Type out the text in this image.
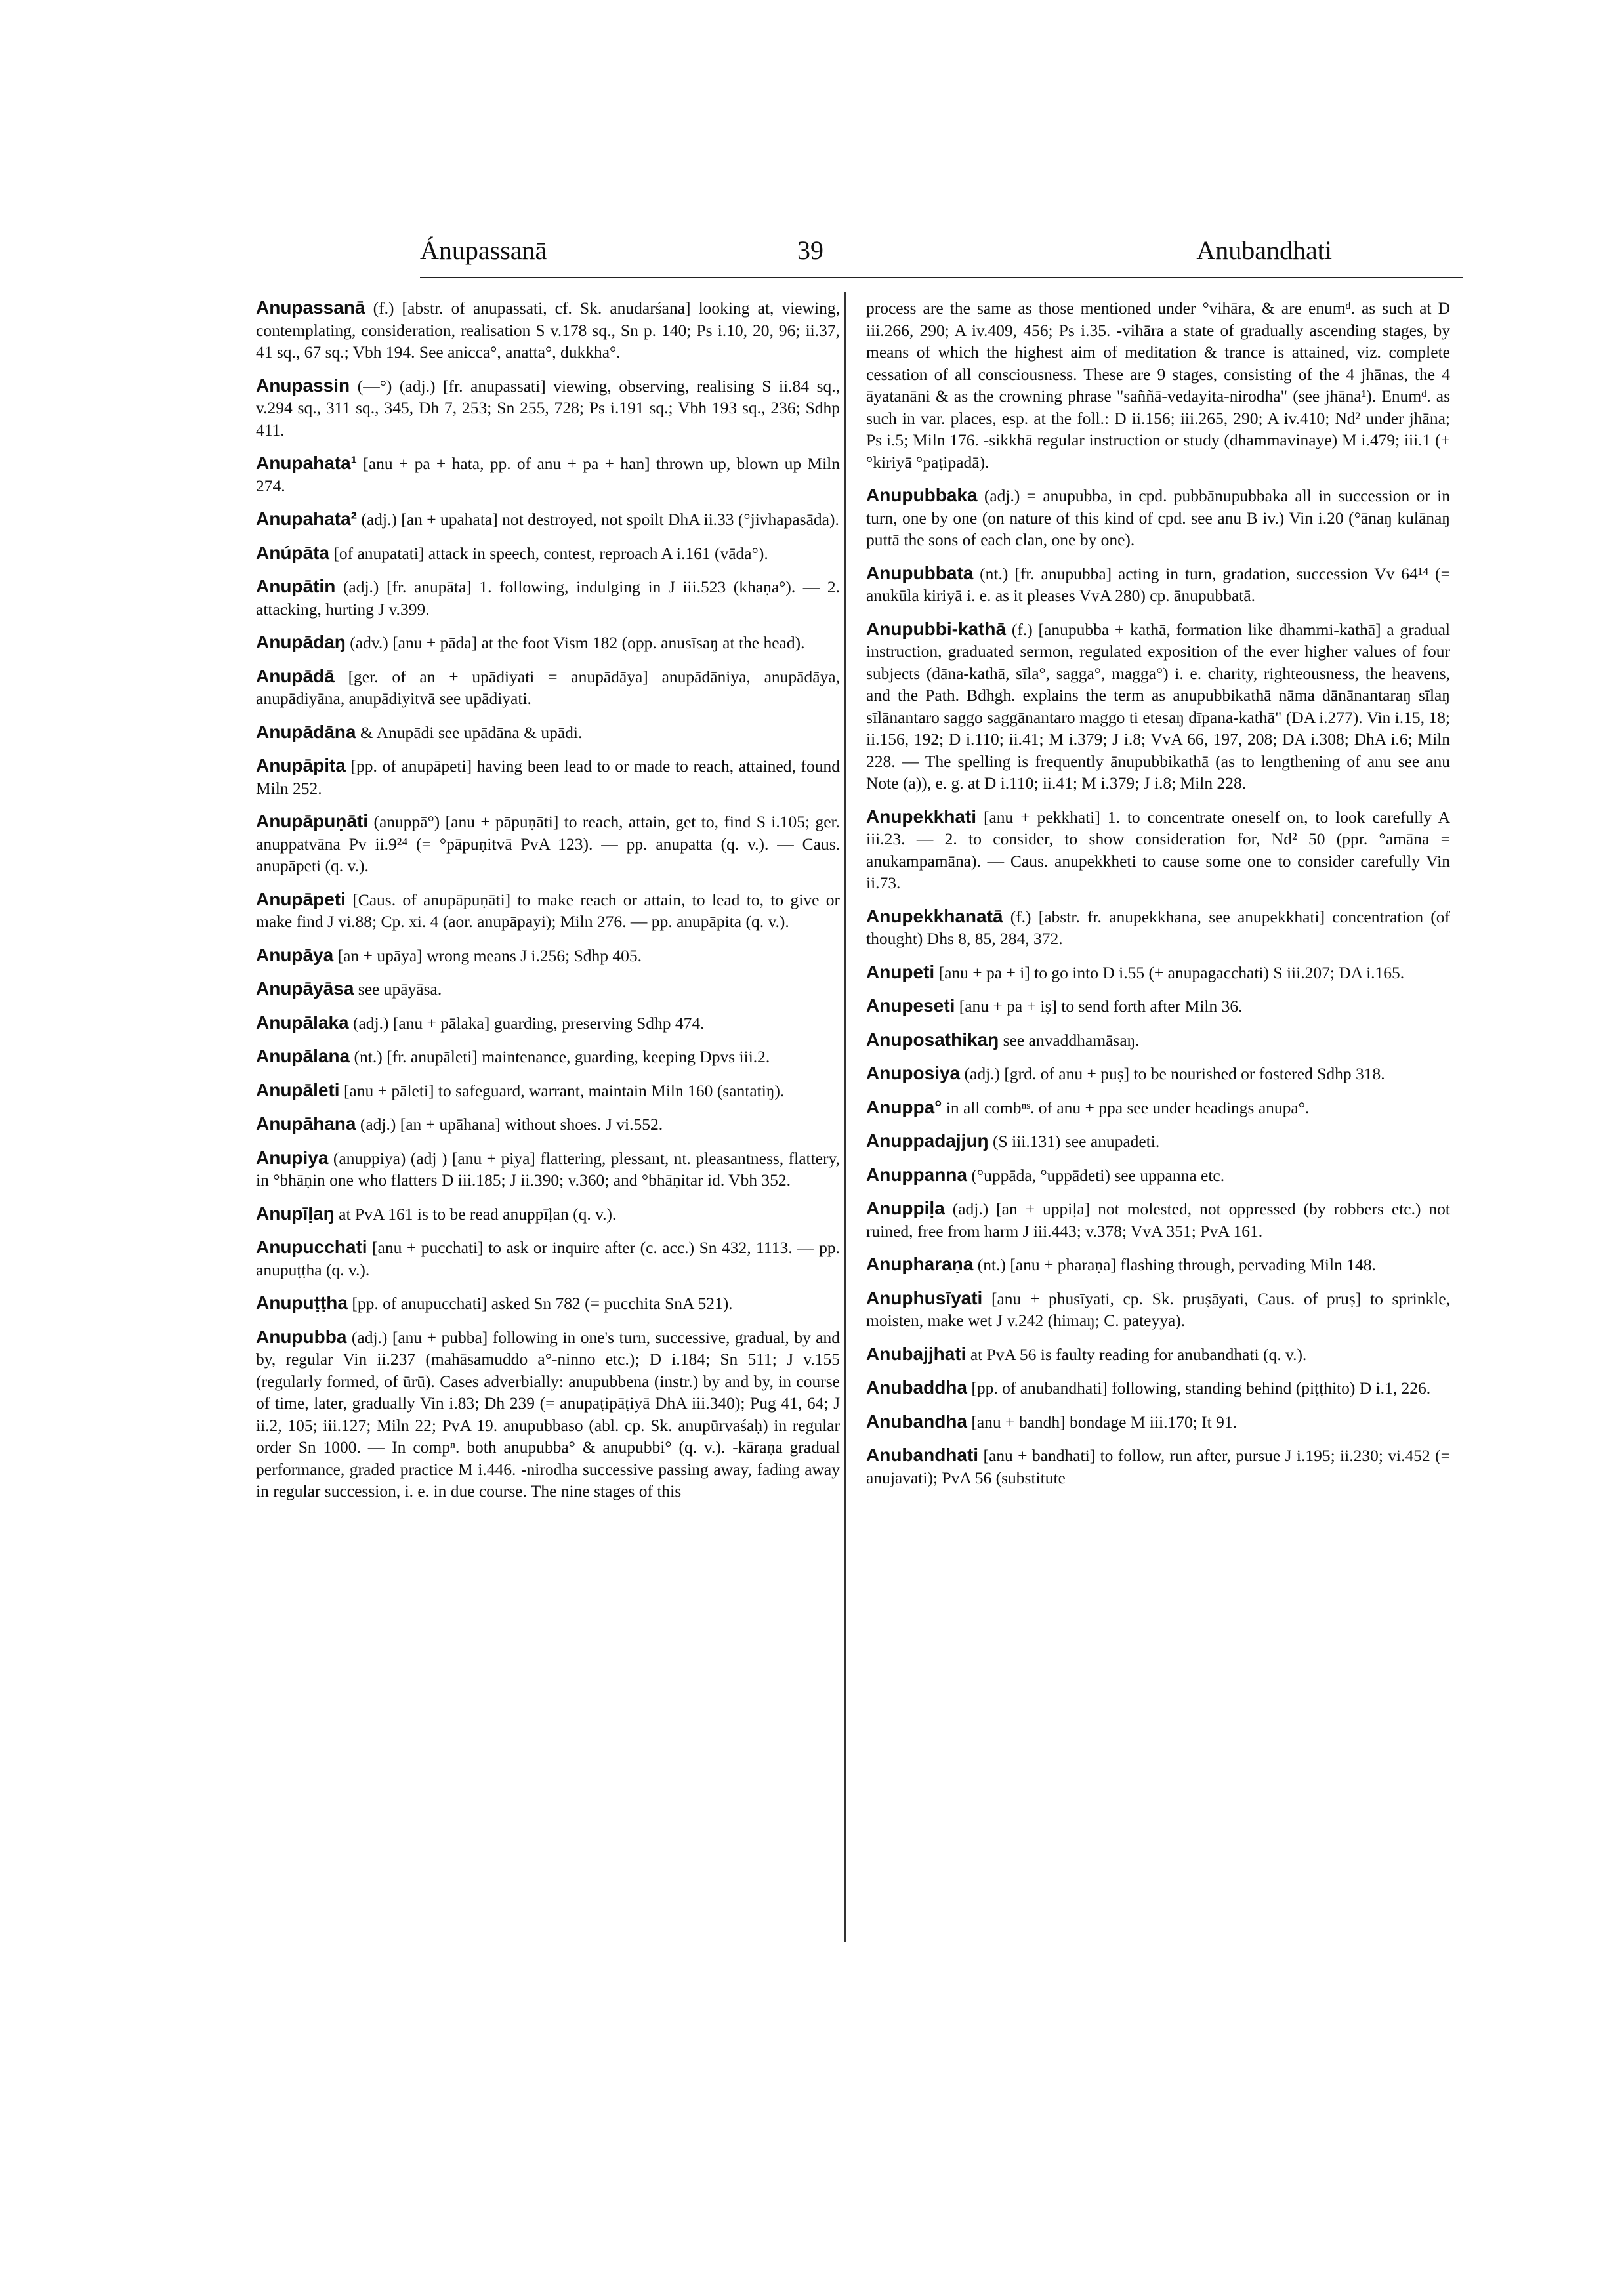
Ánupassanā	39	Anubandhati

Anupassanā (f.) [abstr. of anupassati, cf. Sk. anudarśana] looking at, viewing, contemplating, consideration, realisation S v.178 sq., Sn p. 140; Ps i.10, 20, 96; ii.37, 41 sq., 67 sq.; Vbh 194. See anicca°, anatta°, dukkha°.

Anupassin (—°) (adj.) [fr. anupassati] viewing, observing, realising S ii.84 sq., v.294 sq., 311 sq., 345, Dh 7, 253; Sn 255, 728; Ps i.191 sq.; Vbh 193 sq., 236; Sdhp 411.

Anupahata¹ [anu + pa + hata, pp. of anu + pa + han] thrown up, blown up Miln 274.

Anupahata² (adj.) [an + upahata] not destroyed, not spoilt DhA ii.33 (°jivhapasāda).

Anúpāta [of anupatati] attack in speech, contest, reproach A i.161 (vāda°).

Anupātin (adj.) [fr. anupāta] 1. following, indulging in J iii.523 (khaṇa°). — 2. attacking, hurting J v.399.

Anupādaŋ (adv.) [anu + pāda] at the foot Vism 182 (opp. anusīsaŋ at the head).

Anupādā [ger. of an + upādiyati = anupādāya] anupādāniya, anupādāya, anupādiyāna, anupādiyitvā see upādiyati.

Anupādāna & Anupādi see upādāna & upādi.

Anupāpita [pp. of anupāpeti] having been lead to or made to reach, attained, found Miln 252.

Anupāpuṇāti (anuppā°) [anu + pāpuṇāti] to reach, attain, get to, find S i.105; ger. anuppatvāna Pv ii.9²⁴ (= °pāpuṇitvā PvA 123). — pp. anupatta (q. v.). — Caus. anupāpeti (q. v.).

Anupāpeti [Caus. of anupāpuṇāti] to make reach or attain, to lead to, to give or make find J vi.88; Cp. xi. 4 (aor. anupāpayi); Miln 276. — pp. anupāpita (q. v.).

Anupāya [an + upāya] wrong means J i.256; Sdhp 405.

Anupāyāsa see upāyāsa.

Anupālaka (adj.) [anu + pālaka] guarding, preserving Sdhp 474.

Anupālana (nt.) [fr. anupāleti] maintenance, guarding, keeping Dpvs iii.2.

Anupāleti [anu + pāleti] to safeguard, warrant, maintain Miln 160 (santatiŋ).

Anupāhana (adj.) [an + upāhana] without shoes. J vi.552.

Anupiya (anuppiya) (adj ) [anu + piya] flattering, plessant, nt. pleasantness, flattery, in °bhāṇin one who flatters D iii.185; J ii.390; v.360; and °bhāṇitar id. Vbh 352.

Anupīḷaŋ at PvA 161 is to be read anuppīḷan (q. v.).

Anupucchati [anu + pucchati] to ask or inquire after (c. acc.) Sn 432, 1113. — pp. anupuṭṭha (q. v.).

Anupuṭṭha [pp. of anupucchati] asked Sn 782 (= pucchita SnA 521).

Anupubba (adj.) [anu + pubba] following in one's turn, successive, gradual, by and by, regular Vin ii.237 (mahāsamuddo a°-ninno etc.); D i.184; Sn 511; J v.155 (regularly formed, of ūrū). Cases adverbially: anupubbena (instr.) by and by, in course of time, later, gradually Vin i.83; Dh 239 (= anupaṭipāṭiyā DhA iii.340); Pug 41, 64; J ii.2, 105; iii.127; Miln 22; PvA 19. anupubbaso (abl. cp. Sk. anupūrvaśaḥ) in regular order Sn 1000. — In compⁿ. both anupubba° & anupubbi° (q. v.). -kāraṇa gradual performance, graded practice M i.446. -nirodha successive passing away, fading away in regular succession, i. e. in due course. The nine stages of this

process are the same as those mentioned under °vihāra, & are enumᵈ. as such at D iii.266, 290; A iv.409, 456; Ps i.35. -vihāra a state of gradually ascending stages, by means of which the highest aim of meditation & trance is attained, viz. complete cessation of all consciousness. These are 9 stages, consisting of the 4 jhānas, the 4 āyatanāni & as the crowning phrase "saññā-vedayita-nirodha" (see jhāna¹). Enumᵈ. as such in var. places, esp. at the foll.: D ii.156; iii.265, 290; A iv.410; Nd² under jhāna; Ps i.5; Miln 176. -sikkhā regular instruction or study (dhammavinaye) M i.479; iii.1 (+ °kiriyā °paṭipadā).

Anupubbaka (adj.) = anupubba, in cpd. pubbānupubbaka all in succession or in turn, one by one (on nature of this kind of cpd. see anu B iv.) Vin i.20 (°ānaŋ kulānaŋ puttā the sons of each clan, one by one).

Anupubbata (nt.) [fr. anupubba] acting in turn, gradation, succession Vv 64¹⁴ (= anukūla kiriyā i. e. as it pleases VvA 280) cp. ānupubbatā.

Anupubbi-kathā (f.) [anupubba + kathā, formation like dhammi-kathā] a gradual instruction, graduated sermon, regulated exposition of the ever higher values of four subjects (dāna-kathā, sīla°, sagga°, magga°) i. e. charity, righteousness, the heavens, and the Path. Bdhgh. explains the term as anupubbikathā nāma dānānantaraŋ sīlaŋ sīlānantaro saggo saggānantaro maggo ti etesaŋ dīpana-kathā" (DA i.277). Vin i.15, 18; ii.156, 192; D i.110; ii.41; M i.379; J i.8; VvA 66, 197, 208; DA i.308; DhA i.6; Miln 228. — The spelling is frequently ānupubbikathā (as to lengthening of anu see anu Note (a)), e. g. at D i.110; ii.41; M i.379; J i.8; Miln 228.

Anupekkhati [anu + pekkhati] 1. to concentrate oneself on, to look carefully A iii.23. — 2. to consider, to show consideration for, Nd² 50 (ppr. °amāna = anukampamāna). — Caus. anupekkheti to cause some one to consider carefully Vin ii.73.

Anupekkhanatā (f.) [abstr. fr. anupekkhana, see anupekkhati] concentration (of thought) Dhs 8, 85, 284, 372.

Anupeti [anu + pa + i] to go into D i.55 (+ anupagacchati) S iii.207; DA i.165.

Anupeseti [anu + pa + iṣ] to send forth after Miln 36.

Anuposathikaŋ see anvaddhamāsaŋ.

Anuposiya (adj.) [grd. of anu + puṣ] to be nourished or fostered Sdhp 318.

Anuppa° in all combⁿˢ. of anu + ppa see under headings anupa°.

Anuppadajjuŋ (S iii.131) see anupadeti.

Anuppanna (°uppāda, °uppādeti) see uppanna etc.

Anuppiḷa (adj.) [an + uppiḷa] not molested, not oppressed (by robbers etc.) not ruined, free from harm J iii.443; v.378; VvA 351; PvA 161.

Anupharaṇa (nt.) [anu + pharaṇa] flashing through, pervading Miln 148.

Anuphusīyati [anu + phusīyati, cp. Sk. pruṣāyati, Caus. of pruṣ] to sprinkle, moisten, make wet J v.242 (himaŋ; C. pateyya).

Anubajjhati at PvA 56 is faulty reading for anubandhati (q. v.).

Anubaddha [pp. of anubandhati] following, standing behind (piṭṭhito) D i.1, 226.

Anubandha [anu + bandh] bondage M iii.170; It 91.

Anubandhati [anu + bandhati] to follow, run after, pursue J i.195; ii.230; vi.452 (= anujavati); PvA 56 (substitute
